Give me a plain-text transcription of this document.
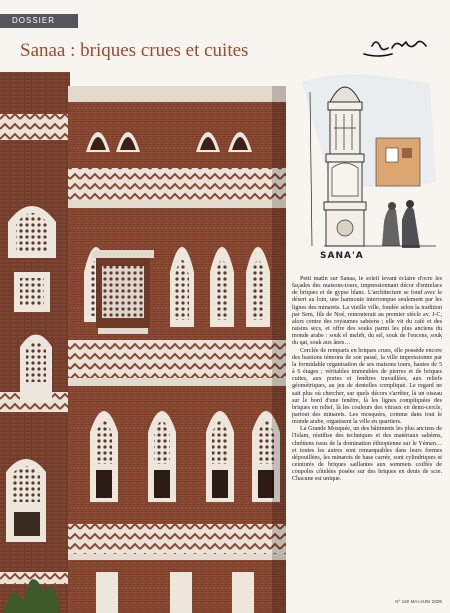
DOSSIER
Sanaa : briques crues et cuites
SANA'A

Petit matin sur Sanaa, le soleil levant éclaire d'ocre les façades des maisons-tours, impressionnant décor d'entrelacs de briques et de gypse blanc. L'architecture se fond avec le désert au loin, une harmonie interrompue seulement par les lignes des minarets. La vieille ville, fondée selon la tradition par Sem, fils de Noé, remonterait au premier siècle av. J-C, alors centre des royaumes sabéens ; elle vit du café et des raisins secs, et offre des souks parmi les plus anciens du monde arabe : souk el meleh, du sel, souk de l'encens, souk du qat, souk aux ânes…

Cerclée de remparts en briques crues, elle possède encore des bastions témoins de son passé, la ville impressionne par la formidable organisation de ses maisons tours, hautes de 5 à 6 étages ; véritables immeubles de pierres et de briques cuites, aux portes et fenêtres travaillées, aux reliefs géométriques, au jeu de dentelles compliqué. Le regard ne sait plus où chercher, sur quels décors s'arrêter, là un oiseau sur le bord d'une fenêtre, là les lignes compliquées des briques en relief, là les couleurs des vitraux en demi-cercle, partout des minarets. Les mosquées, comme dans tout le monde arabe, organisent la ville en quartiers.

La Grande Mosquée, un des bâtiments les plus anciens de l'Islam, réutilise des techniques et des matériaux sabéens, chrétiens issus de la domination éthiopienne sur le Yémen… et toutes les autres sont remarquables dans leurs formes dépouillées, les minarets de base carrée, sont cylindriques et ceinturés de briques saillantes aux sommets coiffés de coupoles côtelées posées sur des briques en dents de scie. Chacune est unique.

N° 160 MAI-JUIN 2008
